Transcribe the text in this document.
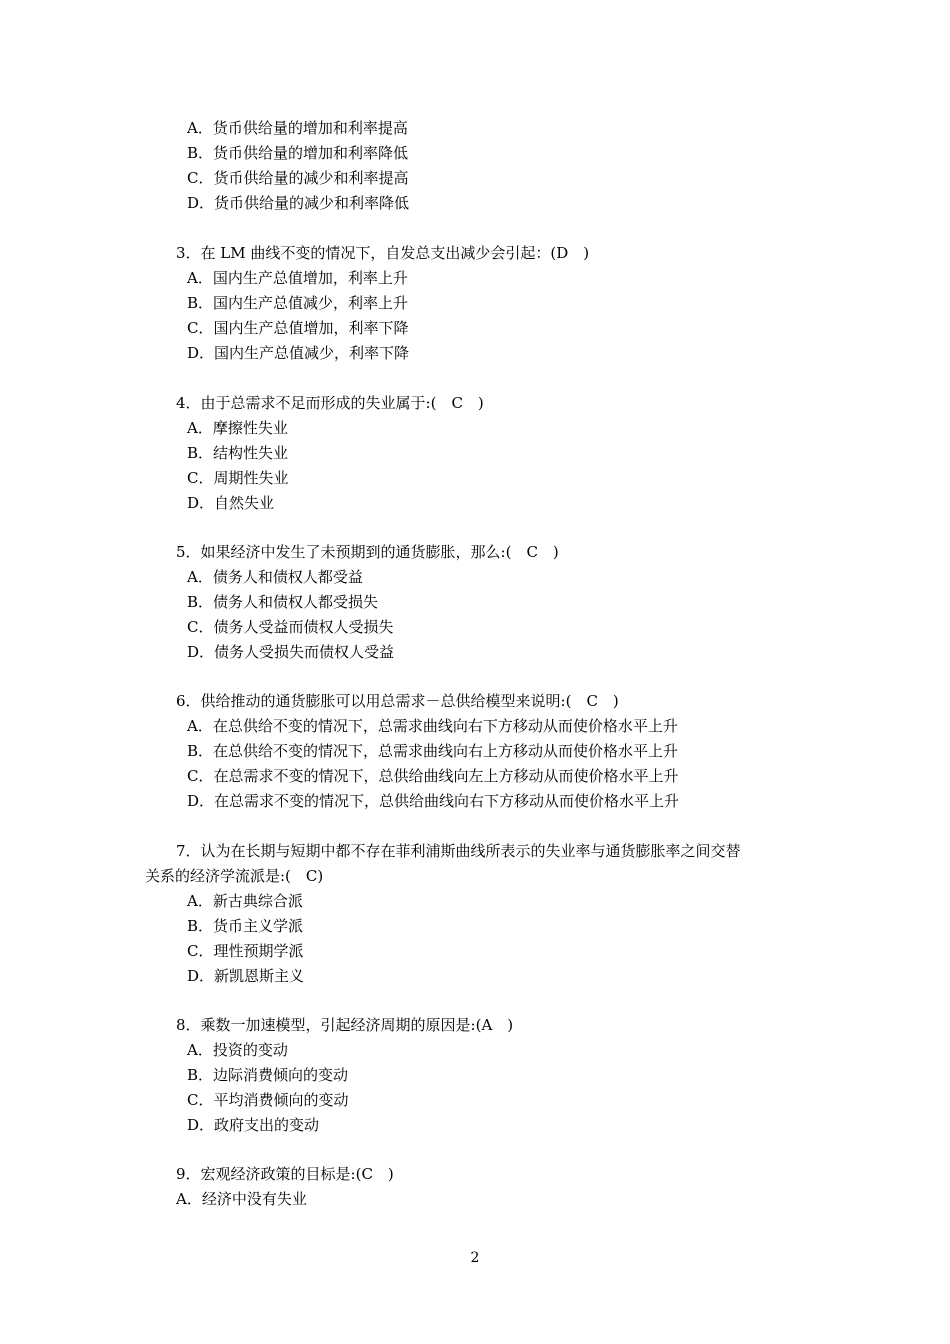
A．货币供给量的增加和利率提高
B．货币供给量的增加和利率降低
C．货币供给量的减少和利率提高
D．货币供给量的减少和利率降低
3．在 LM 曲线不变的情况下，自发总支出减少会引起：(D　)
A．国内生产总值增加，利率上升
B．国内生产总值减少，利率上升
C．国内生产总值增加，利率下降
D．国内生产总值减少，利率下降
4．由于总需求不足而形成的失业属于:(　C　)
A．摩擦性失业
B．结构性失业
C．周期性失业
D．自然失业
5．如果经济中发生了未预期到的通货膨胀，那么:(　C　)
A．债务人和债权人都受益
B．债务人和债权人都受损失
C．债务人受益而债权人受损失
D．债务人受损失而债权人受益
6．供给推动的通货膨胀可以用总需求－总供给模型来说明:(　C　)
A．在总供给不变的情况下，总需求曲线向右下方移动从而使价格水平上升
B．在总供给不变的情况下，总需求曲线向右上方移动从而使价格水平上升
C．在总需求不变的情况下，总供给曲线向左上方移动从而使价格水平上升
D．在总需求不变的情况下，总供给曲线向右下方移动从而使价格水平上升
7．认为在长期与短期中都不存在菲利浦斯曲线所表示的失业率与通货膨胀率之间交替
关系的经济学流派是:(　C)
A．新古典综合派
B．货币主义学派
C．理性预期学派
D．新凯恩斯主义
8．乘数一加速模型，引起经济周期的原因是:(A　)
A．投资的变动
B．边际消费倾向的变动
C．平均消费倾向的变动
D．政府支出的变动
9．宏观经济政策的目标是:(C　)
A．经济中没有失业
2
